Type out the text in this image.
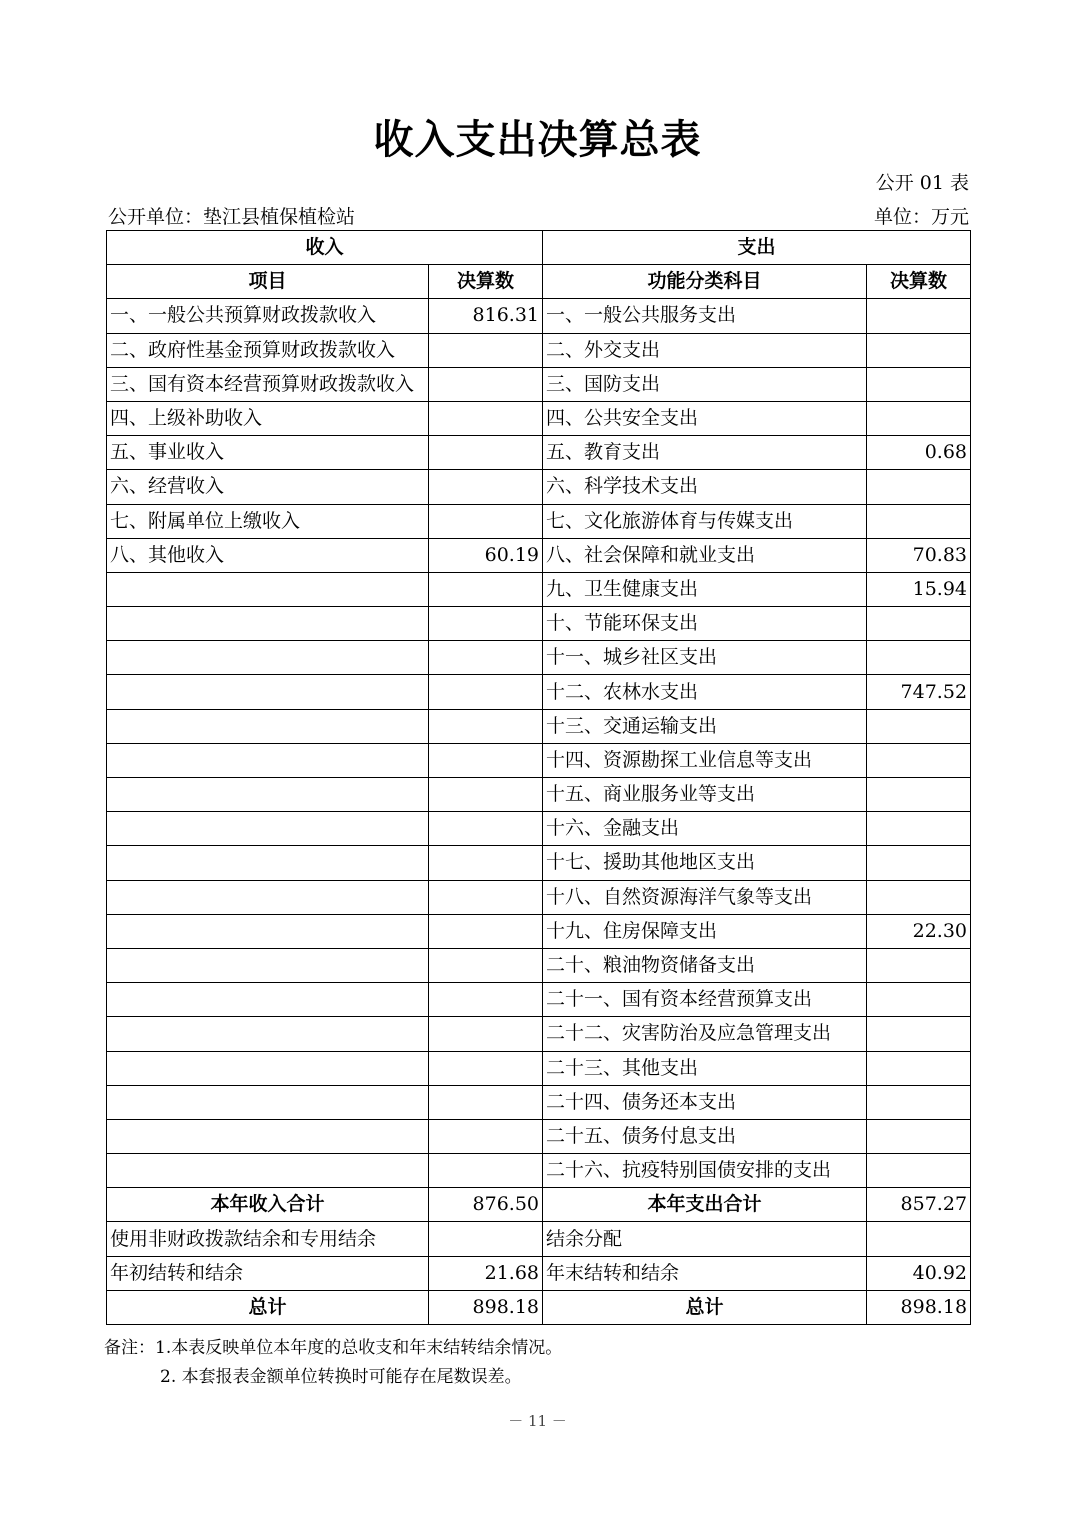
收入支出决算总表
公开 01 表
公开单位：垫江县植保植检站	单位：万元
收入		支出	
项目	决算数	功能分类科目	决算数
一、一般公共预算财政拨款收入	816.31	一、一般公共服务支出	
二、政府性基金预算财政拨款收入		二、外交支出	
三、国有资本经营预算财政拨款收入		三、国防支出	
四、上级补助收入		四、公共安全支出	
五、事业收入		五、教育支出	0.68
六、经营收入		六、科学技术支出	
七、附属单位上缴收入		七、文化旅游体育与传媒支出	
八、其他收入	60.19	八、社会保障和就业支出	70.83
		九、卫生健康支出	15.94
		十、节能环保支出	
		十一、城乡社区支出	
		十二、农林水支出	747.52
		十三、交通运输支出	
		十四、资源勘探工业信息等支出	
		十五、商业服务业等支出	
		十六、金融支出	
		十七、援助其他地区支出	
		十八、自然资源海洋气象等支出	
		十九、住房保障支出	22.30
		二十、粮油物资储备支出	
		二十一、国有资本经营预算支出	
		二十二、灾害防治及应急管理支出	
		二十三、其他支出	
		二十四、债务还本支出	
		二十五、债务付息支出	
		二十六、抗疫特别国债安排的支出	
本年收入合计	876.50	本年支出合计	857.27
使用非财政拨款结余和专用结余		结余分配	
年初结转和结余	21.68	年末结转和结余	40.92
总计	898.18	总计	898.18
备注：1.本表反映单位本年度的总收支和年末结转结余情况。
2. 本套报表金额单位转换时可能存在尾数误差。
－ 11 －
